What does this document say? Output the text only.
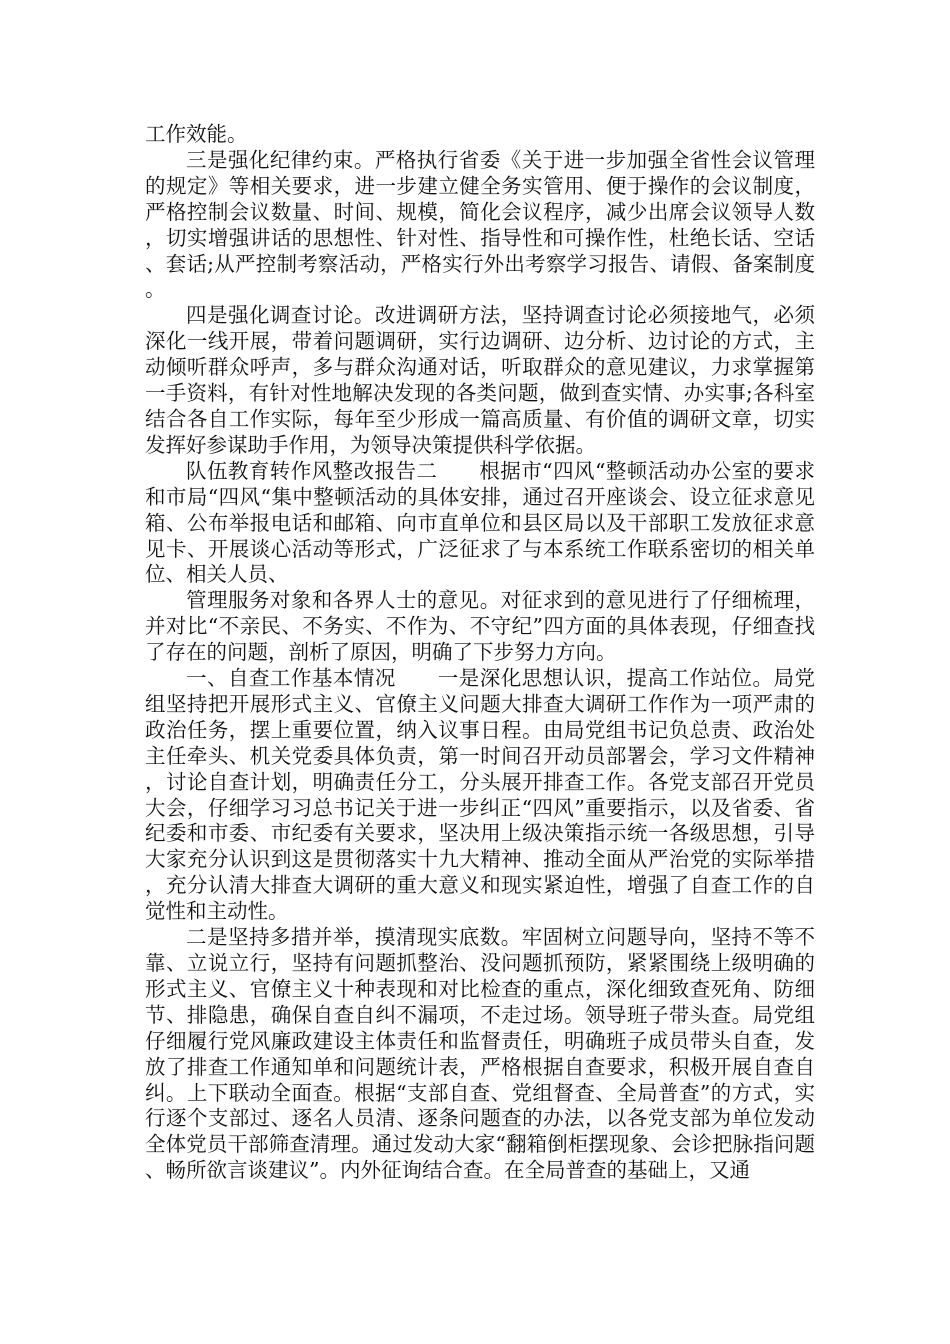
工作效能。

三是强化纪律约束。严格执行省委《关于进一步加强全省性会议管理的规定》等相关要求，进一步建立健全务实管用、便于操作的会议制度，严格控制会议数量、时间、规模，简化会议程序，减少出席会议领导人数，切实增强讲话的思想性、针对性、指导性和可操作性，杜绝长话、空话、套话;从严控制考察活动，严格实行外出考察学习报告、请假、备案制度。

四是强化调查讨论。改进调研方法，坚持调查讨论必须接地气，必须深化一线开展，带着问题调研，实行边调研、边分析、边讨论的方式，主动倾听群众呼声，多与群众沟通对话，听取群众的意见建议，力求掌握第一手资料，有针对性地解决发现的各类问题，做到查实情、办实事;各科室结合各自工作实际，每年至少形成一篇高质量、有价值的调研文章，切实发挥好参谋助手作用，为领导决策提供科学依据。

队伍教育转作风整改报告二　　根据市“四风“整顿活动办公室的要求和市局“四风“集中整顿活动的具体安排，通过召开座谈会、设立征求意见箱、公布举报电话和邮箱、向市直单位和县区局以及干部职工发放征求意见卡、开展谈心活动等形式，广泛征求了与本系统工作联系密切的相关单位、相关人员、

管理服务对象和各界人士的意见。对征求到的意见进行了仔细梳理，并对比“不亲民、不务实、不作为、不守纪”四方面的具体表现，仔细查找了存在的问题，剖析了原因，明确了下步努力方向。

一、自查工作基本情况　　一是深化思想认识，提高工作站位。局党组坚持把开展形式主义、官僚主义问题大排查大调研工作作为一项严肃的政治任务，摆上重要位置，纳入议事日程。由局党组书记负总责、政治处主任牵头、机关党委具体负责，第一时间召开动员部署会，学习文件精神，讨论自查计划，明确责任分工，分头展开排查工作。各党支部召开党员大会，仔细学习习总书记关于进一步纠正“四风”重要指示，以及省委、省纪委和市委、市纪委有关要求，坚决用上级决策指示统一各级思想，引导大家充分认识到这是贯彻落实十九大精神、推动全面从严治党的实际举措，充分认清大排查大调研的重大意义和现实紧迫性，增强了自查工作的自觉性和主动性。

二是坚持多措并举，摸清现实底数。牢固树立问题导向，坚持不等不靠、立说立行，坚持有问题抓整治、没问题抓预防，紧紧围绕上级明确的形式主义、官僚主义十种表现和对比检查的重点，深化细致查死角、防细节、排隐患，确保自查自纠不漏项，不走过场。领导班子带头查。局党组仔细履行党风廉政建设主体责任和监督责任，明确班子成员带头自查，发放了排查工作通知单和问题统计表，严格根据自查要求，积极开展自查自纠。上下联动全面查。根据“支部自查、党组督查、全局普查”的方式，实行逐个支部过、逐名人员清、逐条问题查的办法，以各党支部为单位发动全体党员干部筛查清理。通过发动大家“翻箱倒柜摆现象、会诊把脉指问题、畅所欲言谈建议”。内外征询结合查。在全局普查的基础上，又通
